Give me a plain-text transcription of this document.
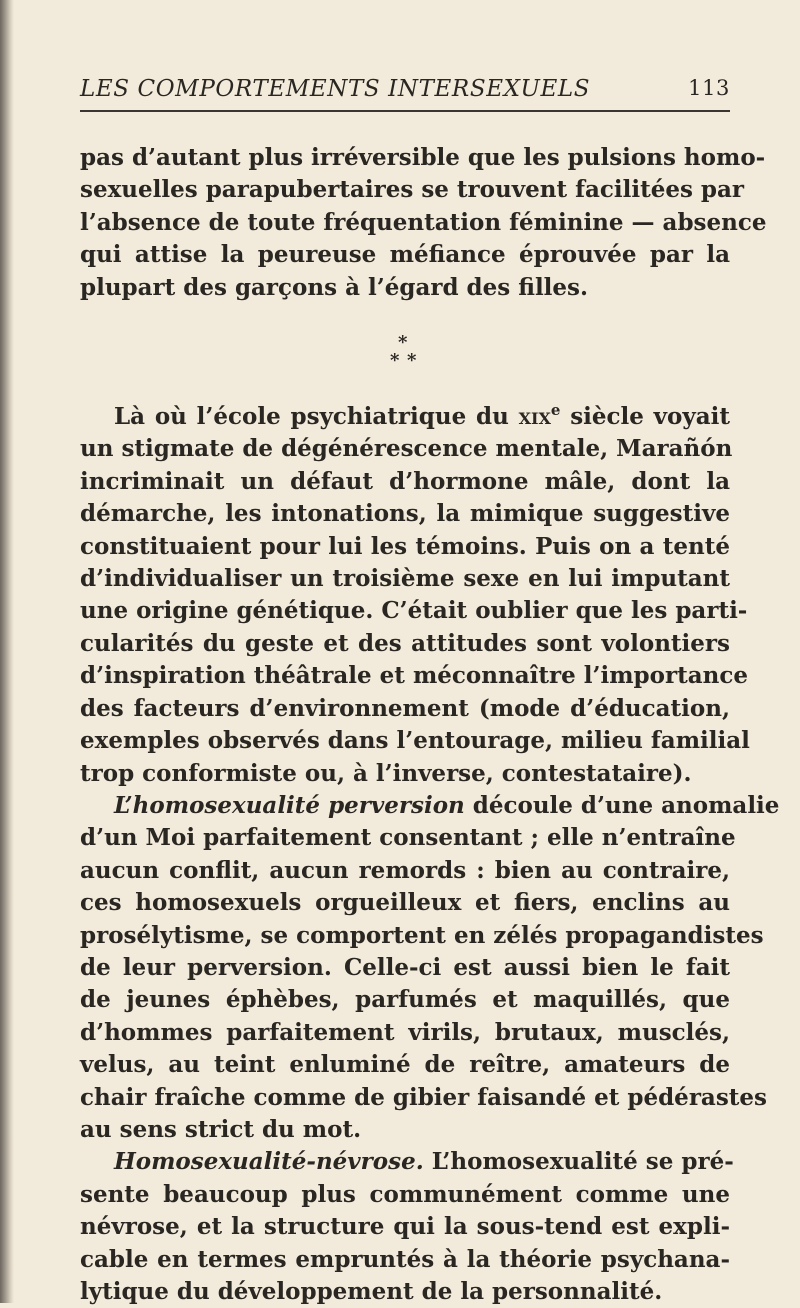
LES COMPORTEMENTS INTERSEXUELS	113

pas d’autant plus irréversible que les pulsions homo-
sexuelles parapubertaires se trouvent facilitées par
l’absence de toute fréquentation féminine — absence
qui attise la peureuse méfiance éprouvée par la
plupart des garçons à l’égard des filles.

*
* *

Là où l’école psychiatrique du xix$^e$ siècle voyait
un stigmate de dégénérescence mentale, Marañón
incriminait un défaut d’hormone mâle, dont la
démarche, les intonations, la mimique suggestive
constituaient pour lui les témoins. Puis on a tenté
d’individualiser un troisième sexe en lui imputant
une origine génétique. C’était oublier que les parti-
cularités du geste et des attitudes sont volontiers
d’inspiration théâtrale et méconnaître l’importance
des facteurs d’environnement (mode d’éducation,
exemples observés dans l’entourage, milieu familial
trop conformiste ou, à l’inverse, contestataire).

L’homosexualité perversion découle d’une anomalie
d’un Moi parfaitement consentant ; elle n’entraîne
aucun conflit, aucun remords : bien au contraire,
ces homosexuels orgueilleux et fiers, enclins au
prosélytisme, se comportent en zélés propagandistes
de leur perversion. Celle-ci est aussi bien le fait
de jeunes éphèbes, parfumés et maquillés, que
d’hommes parfaitement virils, brutaux, musclés,
velus, au teint enluminé de reître, amateurs de
chair fraîche comme de gibier faisandé et pédérastes
au sens strict du mot.

Homosexualité-névrose. L’homosexualité se pré-
sente beaucoup plus communément comme une
névrose, et la structure qui la sous-tend est expli-
cable en termes empruntés à la théorie psychana-
lytique du développement de la personnalité.
